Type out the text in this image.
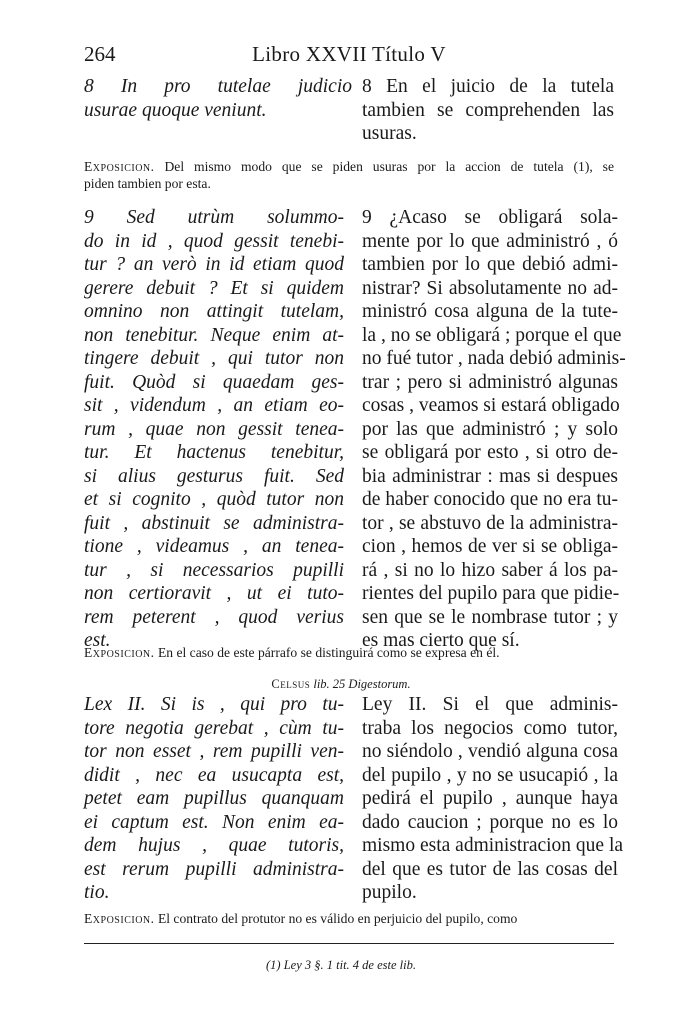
264	Libro XXVII Título V
8 In pro tutelae judicio
usurae quoque veniunt.
8 En el juicio de la tutela
tambien se comprehenden las
usuras.
Exposicion. Del mismo modo que se piden usuras por la accion de tutela (1), se
piden tambien por esta.
9 Sed utrùm solummo-
do in id , quod gessit tenebi-
tur ? an verò in id etiam quod
gerere debuit ? Et si quidem
omnino non attingit tutelam,
non tenebitur. Neque enim at-
tingere debuit , qui tutor non
fuit. Quòd si quaedam ges-
sit , videndum , an etiam eo-
rum , quae non gessit tenea-
tur. Et hactenus tenebitur,
si alius gesturus fuit. Sed
et si cognito , quòd tutor non
fuit , abstinuit se administra-
tione , videamus , an tenea-
tur , si necessarios pupilli
non certioravit , ut ei tuto-
rem peterent , quod verius
est.
9 ¿Acaso se obligará sola-
mente por lo que administró , ó
tambien por lo que debió admi-
nistrar? Si absolutamente no ad-
ministró cosa alguna de la tute-
la , no se obligará ; porque el que
no fué tutor , nada debió adminis-
trar ; pero si administró algunas
cosas , veamos si estará obligado
por las que administró ; y solo
se obligará por esto , si otro de-
bia administrar : mas si despues
de haber conocido que no era tu-
tor , se abstuvo de la administra-
cion , hemos de ver si se obliga-
rá , si no lo hizo saber á los pa-
rientes del pupilo para que pidie-
sen que se le nombrase tutor ; y
es mas cierto que sí.
Exposicion. En el caso de este párrafo se distinguirá como se expresa en él.
Celsus lib. 25 Digestorum.
Lex II. Si is , qui pro tu-
tore negotia gerebat , cùm tu-
tor non esset , rem pupilli ven-
didit , nec ea usucapta est,
petet eam pupillus quanquam
ei captum est. Non enim ea-
dem hujus , quae tutoris,
est rerum pupilli administra-
tio.
Ley II. Si el que adminis-
traba los negocios como tutor,
no siéndolo , vendió alguna cosa
del pupilo , y no se usucapió , la
pedirá el pupilo , aunque haya
dado caucion ; porque no es lo
mismo esta administracion que la
del que es tutor de las cosas del
pupilo.
Exposicion. El contrato del protutor no es válido en perjuicio del pupilo, como
(1) Ley 3 §. 1 tit. 4 de este lib.
